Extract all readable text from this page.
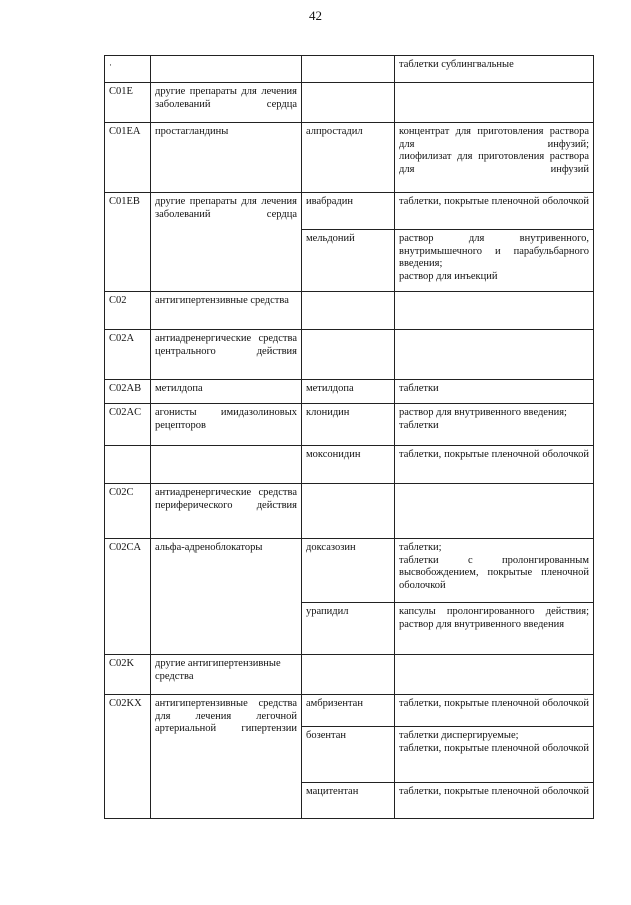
42
·			таблетки сублингвальные

C01E	другие препараты для лечения заболеваний сердца		
C01EA	простагландины	алпростадил	концентрат для приготовления раствора для инфузий;
лиофилизат для приготовления раствора для инфузий

C01EB	другие препараты для лечения заболеваний сердца	ивабрадин	таблетки, покрытые пленочной оболочкой
		мельдоний	раствор для внутривенного, внутримышечного и парабульбарного введения;
раствор для инъекций

C02	антигипертензивные средства		
C02A	антиадренергические средства центрального действия		
C02AB	метилдопа	метилдопа	таблетки
C02AC	агонисты имидазолиновых рецепторов	клонидин	раствор для внутривенного введения;
таблетки

		моксонидин	таблетки, покрытые пленочной оболочкой
C02C	антиадренергические средства периферического действия		
C02CA	альфа-адреноблокаторы	доксазозин	таблетки;
таблетки с пролонгированным высвобождением, покрытые пленочной оболочкой

		урапидил	капсулы пролонгированного действия;
раствор для внутривенного введения

C02K	другие антигипертензивные средства		
C02KX	антигипертензивные средства для лечения легочной артериальной гипертензии	амбризентан	таблетки, покрытые пленочной оболочкой
		бозентан	таблетки диспергируемые;
таблетки, покрытые пленочной оболочкой

		мацитентан	таблетки, покрытые пленочной оболочкой
